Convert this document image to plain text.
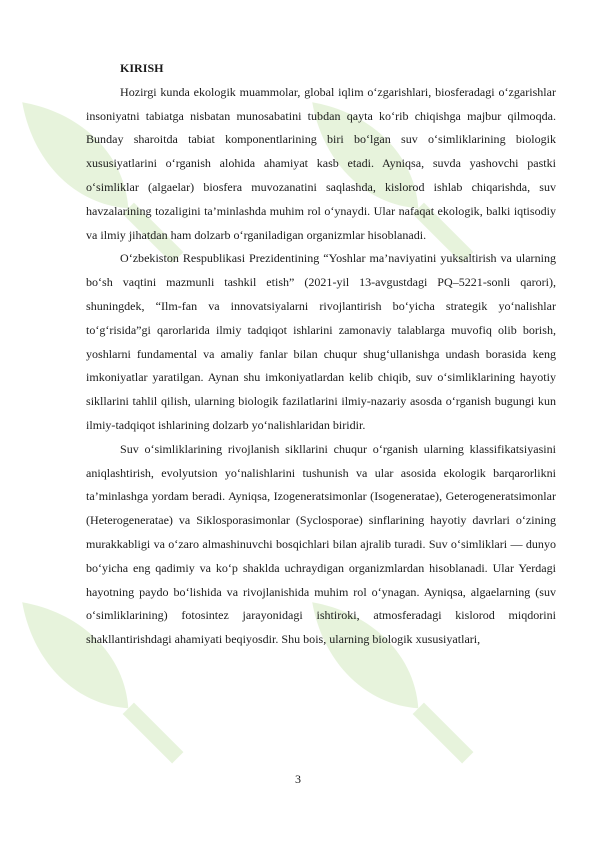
KIRISH

Hozirgi kunda ekologik muammolar, global iqlim o‘zgarishlari, biosferadagi o‘zgarishlar insoniyatni tabiatga nisbatan munosabatini tubdan qayta ko‘rib chiqishga majbur qilmoqda. Bunday sharoitda tabiat komponentlarining biri bo‘lgan suv o‘simliklarining biologik xususiyatlarini o‘rganish alohida ahamiyat kasb etadi. Ayniqsa, suvda yashovchi pastki o‘simliklar (algaelar) biosfera muvozanatini saqlashda, kislorod ishlab chiqarishda, suv havzalarining tozaligini ta’minlashda muhim rol o‘ynaydi. Ular nafaqat ekologik, balki iqtisodiy va ilmiy jihatdan ham dolzarb o‘rganiladigan organizmlar hisoblanadi.

O‘zbekiston Respublikasi Prezidentining “Yoshlar ma’naviyatini yuksaltirish va ularning bo‘sh vaqtini mazmunli tashkil etish” (2021-yil 13-avgustdagi PQ–5221-sonli qarori), shuningdek, “Ilm-fan va innovatsiyalarni rivojlantirish bo‘yicha strategik yo‘nalishlar to‘g‘risida”gi qarorlarida ilmiy tadqiqot ishlarini zamonaviy talablarga muvofiq olib borish, yoshlarni fundamental va amaliy fanlar bilan chuqur shug‘ullanishga undash borasida keng imkoniyatlar yaratilgan. Aynan shu imkoniyatlardan kelib chiqib, suv o‘simliklarining hayotiy sikllarini tahlil qilish, ularning biologik fazilatlarini ilmiy-nazariy asosda o‘rganish bugungi kun ilmiy-tadqiqot ishlarining dolzarb yo‘nalishlaridan biridir.

Suv o‘simliklarining rivojlanish sikllarini chuqur o‘rganish ularning klassifikatsiyasini aniqlashtirish, evolyutsion yo‘nalishlarini tushunish va ular asosida ekologik barqarorlikni ta’minlashga yordam beradi. Ayniqsa, Izogeneratsimonlar (Isogeneratae), Geterogeneratsimonlar (Heterogeneratae) va Siklosporasimonlar (Syclosporae) sinflarining hayotiy davrlari o‘zining murakkabligi va o‘zaro almashinuvchi bosqichlari bilan ajralib turadi. Suv o‘simliklari — dunyo bo‘yicha eng qadimiy va ko‘p shaklda uchraydigan organizmlardan hisoblanadi. Ular Yerdagi hayotning paydo bo‘lishida va rivojlanishida muhim rol o‘ynagan. Ayniqsa, algaelarning (suv o‘simliklarining) fotosintez jarayonidagi ishtiroki, atmosferadagi kislorod miqdorini shakllantirishdagi ahamiyati beqiyosdir. Shu bois, ularning biologik xususiyatlari,

3
